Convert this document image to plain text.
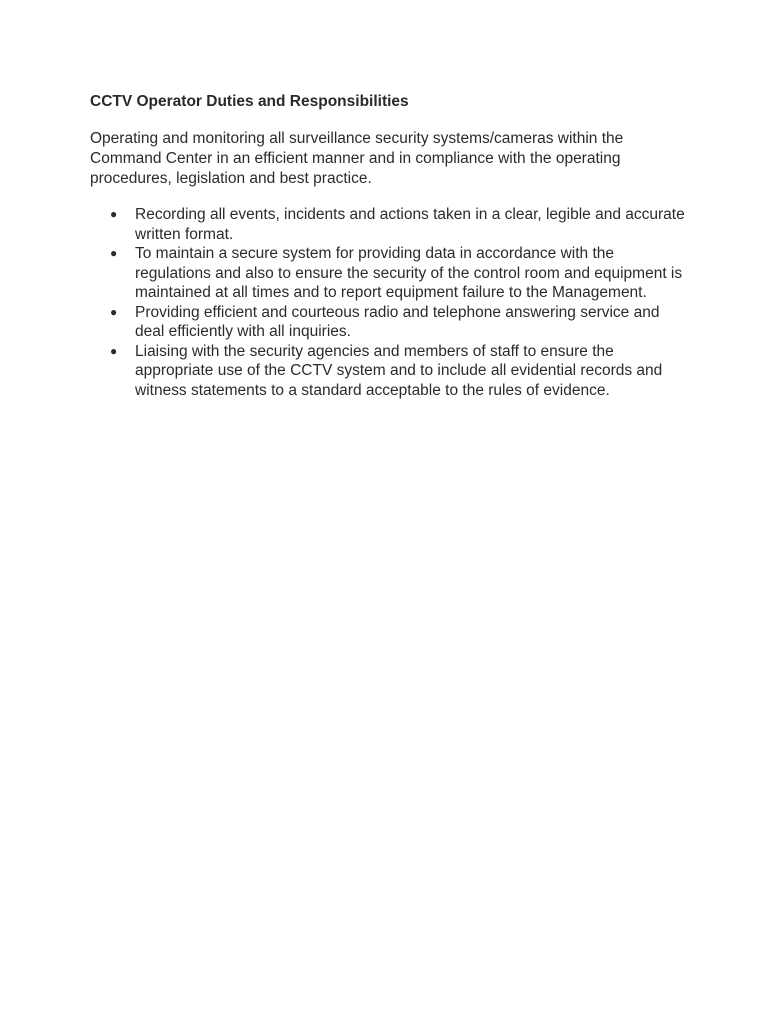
CCTV Operator Duties and Responsibilities
Operating and monitoring all surveillance security systems/cameras within the Command Center in an efficient manner and in compliance with the operating procedures, legislation and best practice.
● Recording all events, incidents and actions taken in a clear, legible and accurate written format.
● To maintain a secure system for providing data in accordance with the regulations and also to ensure the security of the control room and equipment is maintained at all times and to report equipment failure to the Management.
● Providing efficient and courteous radio and telephone answering service and deal efficiently with all inquiries.
● Liaising with the security agencies and members of staff to ensure the appropriate use of the CCTV system and to include all evidential records and witness statements to a standard acceptable to the rules of evidence.
